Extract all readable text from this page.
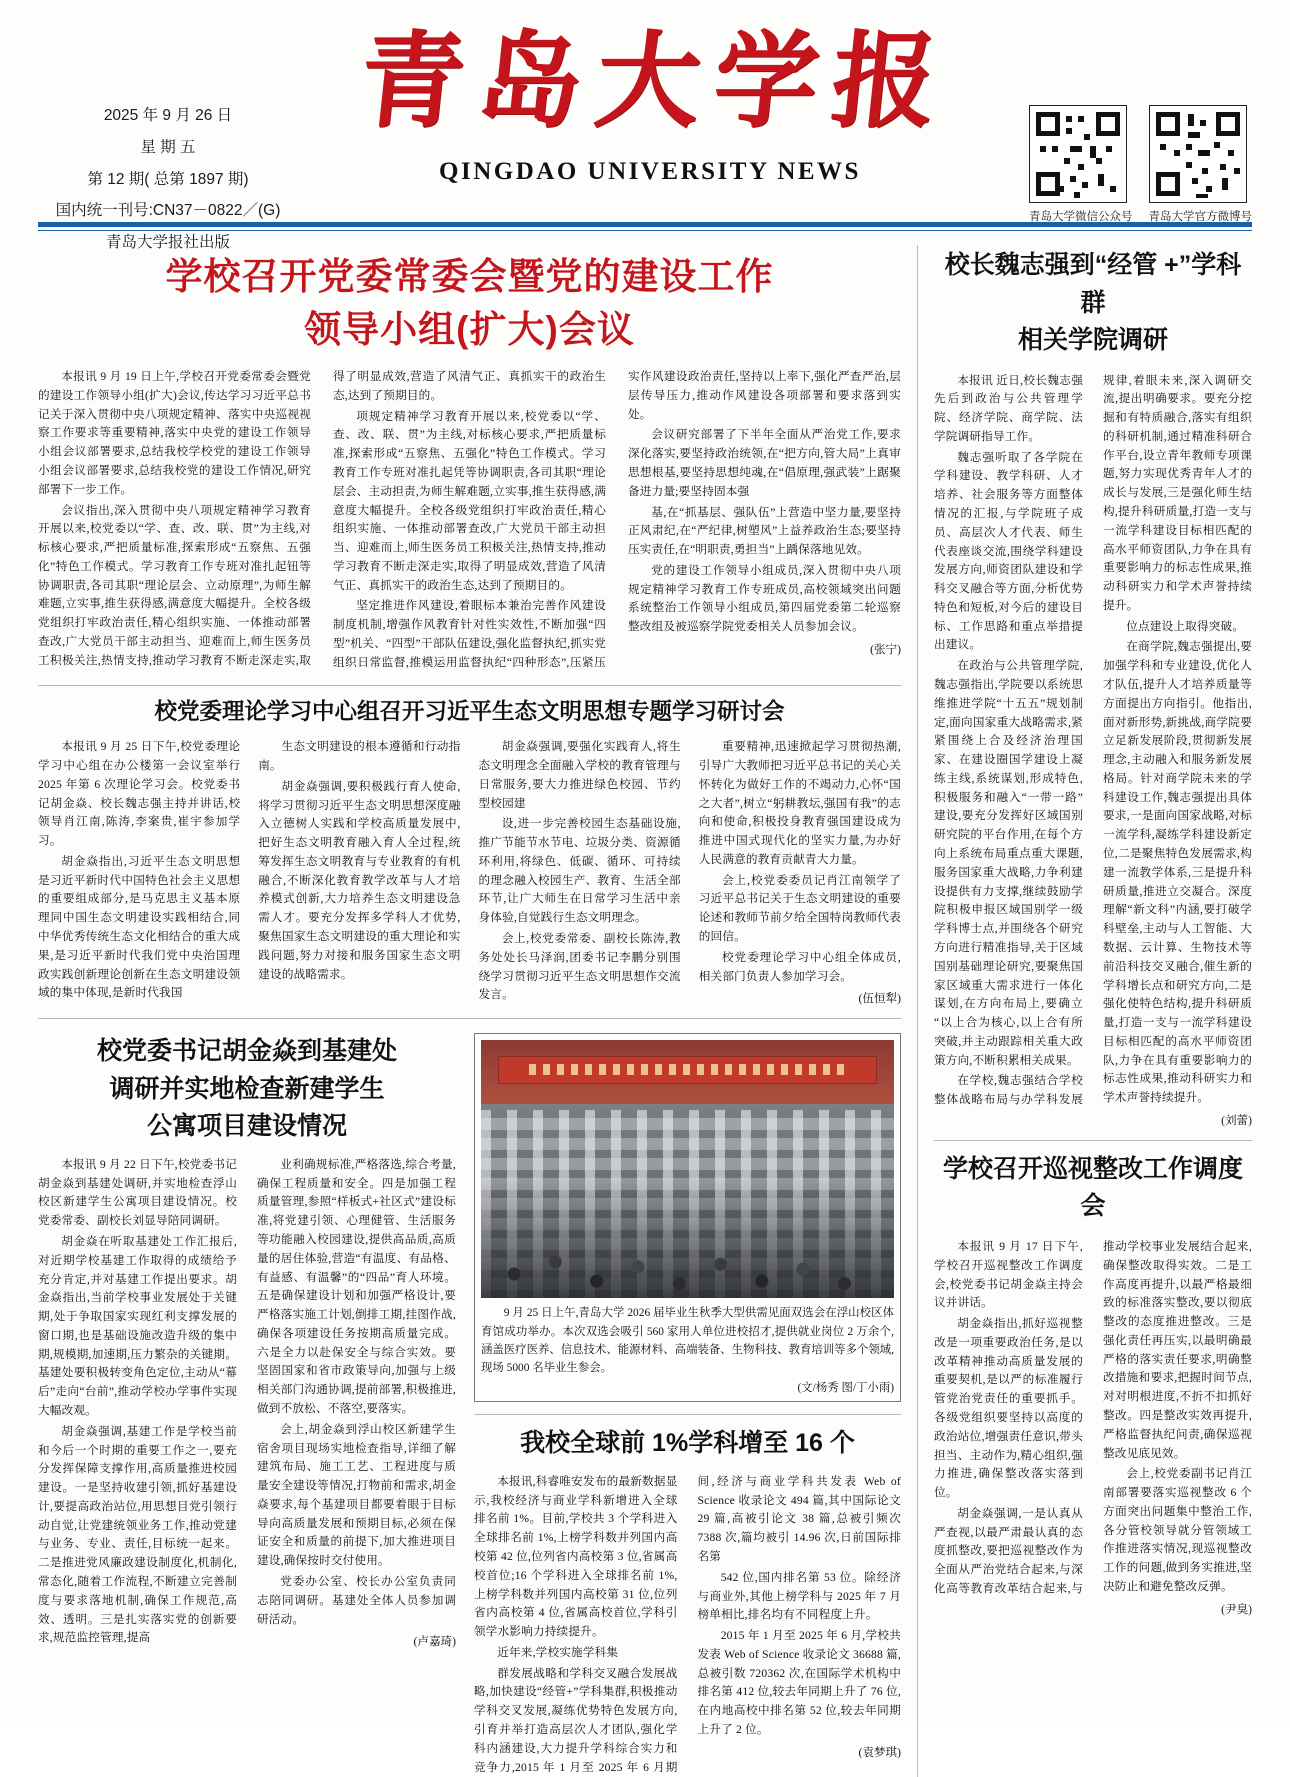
2025 年 9 月 26 日
星 期 五
第 12 期( 总第 1897 期)
国内统一刊号:CN37－0822／(G)
青岛大学报社出版
青岛大学报
QINGDAO UNIVERSITY NEWS
青岛大学微信公众号 青岛大学官方微博号
学校召开党委常委会暨党的建设工作
领导小组(扩大)会议

本报讯 9 月 19 日上午,学校召开党委常委会暨党的建设工作领导小组(扩大)会议,传达学习习近平总书记关于深入贯彻中央八项规定精神、落实中央巡视视察工作要求等重要精神,落实中央党的建设工作领导小组会议部署要求,总结我校学校党的建设工作领导小组会议部署要求,总结我校党的建设工作情况,研究部署下一步工作。

会议指出,深入贯彻中央八项规定精神学习教育开展以来,校党委以“学、查、改、联、贯”为主线,对标核心要求,严把质量标准,探索形成“五察焦、五强化”特色工作模式。学习教育工作专班对准扎起钮等协调职责,各司其职“理论层会、立动原理”,为师生解难题,立实事,推生获得感,满意度大幅提升。全校各级党组织打牢政治责任,精心组织实施、一体推动部署查改,广大党员干部主动担当、迎难而上,师生医务员工积极关注,热情支持,推动学习教育不断走深走实,取得了明显成效,营造了风清气正、真抓实干的政治生态,达到了预期目的。

项规定精神学习教育开展以来,校党委以“学、查、改、联、贯”为主线,对标核心要求,严把质量标准,探索形成“五察焦、五强化”特色工作模式。学习教育工作专班对准扎起凭等协调职责,各司其职“理论层会、主动担责,为师生解难题,立实事,推生获得感,满意度大幅提升。全校各级党组织打牢政治责任,精心组织实施、一体推动部署查改,广大党员干部主动担当、迎难而上,师生医务员工积极关注,热情支持,推动学习教育不断走深走实,取得了明显成效,营造了风清气正、真抓实干的政治生态,达到了预期目的。

坚定推进作风建设,着眼标本兼治完善作风建设制度机制,增强作风教育针对性实效性,不断加强“四型”机关、“四型”干部队伍建设,强化监督执纪,抓实党组织日常监督,推模运用监督执纪“四种形态”,压紧压实作风建设政治责任,坚持以上率下,强化严查严治,层层传导压力,推动作风建设各项部署和要求落到实处。

会议研究部署了下半年全面从严治党工作,要求深化落实,要坚持政治统领,在“把方向,管大局”上真审思想根基,要坚持思想纯魂,在“倡原理,强武装”上踞聚备进力量;要坚持固本强

基,在“抓基层、强队伍”上营造中坚力量,要坚持正风肃纪,在“严纪律,树塑风”上益养政治生态;要坚持压实责任,在“明职责,勇担当”上踽保落地见效。

党的建设工作领导小组成员,深入贯彻中央八项规定精神学习教育工作专班成员,高校领域突出问题系统整治工作领导小组成员,第四届党委第二轮巡察整改组及被巡察学院党委相关人员参加会议。

(张宁)

校党委理论学习中心组召开习近平生态文明思想专题学习研讨会

本报讯 9 月 25 日下午,校党委理论学习中心组在办公楼第一会议室举行 2025 年第 6 次理论学习会。校党委书记胡金焱、校长魏志强主持并讲话,校领导肖江南,陈涛,李案贵,崔宇参加学习。

胡金焱指出,习近平生态文明思想是习近平新时代中国特色社会主义思想的重要组成部分,是马克思主义基本原理同中国生态文明建设实践相结合,同中华优秀传统生态文化相结合的重大成果,是习近平新时代我们党中央治国理政实践创新理论创新在生态文明建设领域的集中体现,是新时代我国

生态文明建设的根本遵循和行动指南。

胡金焱强调,要积极践行育人使命,将学习贯彻习近平生态文明思想深度融入立德树人实践和学校高质量发展中,把好生态文明教育融入育人全过程,统筹发挥生态文明教育与专业教育的有机融合,不断深化教育教学改革与人才培养模式创新,大力培养生态文明建设急需人才。要充分发挥多学科人才优势,聚焦国家生态文明建设的重大理论和实践问题,努力对接和服务国家生态文明建设的战略需求。

胡金焱强调,要强化实践育人,将生态文明理念全面融入学校的教育管理与日常服务,要大力推进绿色校园、节约型校园建

设,进一步完善校园生态基础设施,推广节能节水节电、垃圾分类、资源循环利用,将绿色、低碳、循环、可持续的理念融入校园生产、教育、生活全部环节,让广大师生在日常学习生活中亲身体验,自觉践行生态文明理念。

会上,校党委常委、副校长陈涛,教务处处长马泽润,团委书记李鹏分别围绕学习贯彻习近平生态文明思想作交流发言。

重要精神,迅速掀起学习贯彻热潮,引导广大教师把习近平总书记的关心关怀转化为做好工作的不竭动力,心怀“国之大者”,树立“躬耕教坛,强国有我”的志向和使命,积极投身教育强国建设成为推进中国式现代化的坚实力量,为办好人民满意的教育贡献青大力量。

会上,校党委委员记肖江南领学了习近平总书记关于生态文明建设的重要论述和教师节前夕给全国特岗教师代表的回信。

校党委理论学习中心组全体成员,相关部门负责人参加学习会。

(伍恒犁)

校党委书记胡金焱到基建处
调研并实地检查新建学生
公寓项目建设情况

本报讯 9 月 22 日下午,校党委书记胡金焱到基建处调研,并实地检查浮山校区新建学生公寓项目建设情况。校党委常委、副校长刘显导陪同调研。

胡金焱在听取基建处工作汇报后,对近期学校基建工作取得的成绩给予充分肯定,并对基建工作提出要求。胡金焱指出,当前学校事业发展处于关键期,处于争取国家实现红利支撑发展的窗口期,也是基础设施改造升级的集中期,规模期,加速期,压力繁杂的关键期。基建处要积极转变角色定位,主动从“幕后”走向“台前”,推动学校办学事件实现大幅改观。

胡金焱强调,基建工作是学校当前和今后一个时期的重要工作之一,要充分发挥保障支撑作用,高质量推进校园建设。一是坚持收建引领,抓好基建设计,要提高政治站位,用思想目党引领行动自觉,让党建统领业务工作,推动党建与业务、专业、责任,目标统一起来。二是推进党风廉政建设制度化,机制化,常态化,随着工作流程,不断建立完善制度与要求落地机制,确保工作规范,高效、透明。三是扎实落实党的创新要求,规范监控管理,提高

业利确规标准,严格落选,综合考量,确保工程质量和安全。四是加强工程质量管理,参照“样板式+社区式”建设标准,将党建引领、心理健管、生活服务等功能融入校园建设,提供高品质,高质量的居住体验,营造“有温度、有品格、有益感、有温馨”的“四品”育人环境。五是确保建设计划和加强严格设计,要严格落实施工计划,倒排工期,挂图作战,确保各项建设任务按期高质量完成。六是全力以赴保安全与综合实效。要坚固国家和省市政策导向,加强与上级相关部门沟通协调,提前部署,积极推进,做到不放松、不落空,要落实。

会上,胡金焱到浮山校区新建学生宿舍项目现场实地检查指导,详细了解建筑布局、施工工艺、工程进度与质量安全建设等情况,打物前和需求,胡金焱要求,每个基建项目都要着眼于目标导向高质量发展和预期目标,必须在保证安全和质量的前提下,加大推进项目建设,确保按时交付使用。

党委办公室、校长办公室负责同志陪同调研。基建处全体人员参加调研活动。

(卢嘉琦)

9 月 25 日上午,青岛大学 2026 届毕业生秋季大型供需见面双选会在浮山校区体育馆成功举办。本次双选会吸引 560 家用人单位进校招才,提供就业岗位 2 万余个,涵盖医疗医养、信息技术、能源材料、高端装备、生物科技、教育培训等多个领域,现场 5000 名毕业生参会。
(文/杨秀 图/丁小雨)
我校全球前 1%学科增至 16 个

本报讯,科睿唯安发布的最新数据显示,我校经济与商业学科新增进入全球排名前 1%。目前,学校共 3 个学科进入全球排名前 1%,上榜学科数并列国内高校第 42 位,位列省内高校第 3 位,省属高校首位;16 个学科进入全球排名前 1%,上榜学科数并列国内高校第 31 位,位列省内高校第 4 位,省属高校首位,学科引领学水影响力持续提升。

近年来,学校实施学科集

群发展战略和学科交叉融合发展战略,加快建设“经管+”学科集群,积极推动学科交叉发展,凝练优势特色发展方向,引育并举打造高层次人才团队,强化学科内涵建设,大力提升学科综合实力和竞争力,2015 年 1 月至 2025 年 6 月期间,经济与商业学科共发表 Web of Science 收录论文 494 篇,其中国际论文 29 篇,高被引论文 38 篇,总被引频次 7388 次,篇均被引 14.96 次,日前国际排名第

542 位,国内排名第 53 位。除经济与商业外,其他上榜学科与 2025 年 7 月榜单相比,排名均有不同程度上升。

2015 年 1 月至 2025 年 6 月,学校共发表 Web of Science 收录论文 36688 篇,总被引数 720362 次,在国际学术机构中排名第 412 位,较去年同期上升了 76 位,在内地高校中排名第 52 位,较去年同期上升了 2 位。

(袁梦琪)

校长魏志强到“经管 +”学科群
相关学院调研

本报讯 近日,校长魏志强先后到政治与公共管理学院、经济学院、商学院、法学院调研指导工作。

魏志强听取了各学院在学科建设、教学科研、人才培养、社会服务等方面整体情况的汇报,与学院班子成员、高层次人才代表、师生代表座谈交流,围绕学科建设发展方向,师资团队建设和学科交叉融合等方面,分析优势特色和短板,对今后的建设目标、工作思路和重点举措提出建议。

在政治与公共管理学院,魏志强指出,学院要以系统思维推进学院“十五五”规划制定,面向国家重大战略需求,紧紧围绕上合及经济治理国家、在建设圈国学建设上凝练主线,系统谋划,形成特色,积极服务和融入“一带一路”建设,要充分发挥好区域国别研究院的平台作用,在每个方向上系统布局重点重大课题,服务国家重大战略,力争利建设提供有力支撑,继续鼓励学院积极申报区域国别学一级学科博士点,并围绕各个研究方向进行精准指导,关于区域国别基础理论研究,要聚焦国家区域重大需求进行一体化谋划,在方向布局上,要确立“以上合为核心,以上合有所突破,并主动跟踪相关重大政策方向,不断积累相关成果。

在学校,魏志强结合学校整体战略布局与办学科发展规律,着眼未来,深入调研交流,提出明确要求。要充分挖掘和有特质融合,落实有组织的科研机制,通过精准科研合作平台,设立青年教师专项课题,努力实现优秀青年人才的成长与发展,三是强化师生结构,提升科研质量,打造一支与一流学科建设目标相匹配的高水平师资团队,力争在具有重要影响力的标志性成果,推动科研实力和学术声誉持续提升。

位点建设上取得突破。

在商学院,魏志强提出,要加强学科和专业建设,优化人才队伍,提升人才培养质量等方面提出方向指引。他指出,面对新形势,新挑战,商学院要立足新发展阶段,贯彻新发展理念,主动融入和服务新发展格局。针对商学院未来的学科建设工作,魏志强提出具体要求,一是面向国家战略,对标一流学科,凝练学科建设新定位,二是聚焦特色发展需求,构建一流教学体系,三是提升科研质量,推进立交凝合。深度理解“新文科”内涵,要打破学科壁垒,主动与人工智能、大数据、云计算、生物技术等前沿科技交叉融合,催生新的学科增长点和研究方向,二是强化使特色结构,提升科研质量,打造一支与一流学科建设目标相匹配的高水平师资团队,力争在具有重要影响力的标志性成果,推动科研实力和学术声誉持续提升。

(刘蕾)

学校召开巡视整改工作调度会

本报讯 9 月 17 日下午,学校召开巡视整改工作调度会,校党委书记胡金焱主持会议并讲话。

胡金焱指出,抓好巡视整改是一项重要政治任务,是以改革精神推动高质量发展的重要契机,是以严的标准履行管党治党责任的重要抓手。各级党组织要坚持以高度的政治站位,增强责任意识,带头担当、主动作为,精心组织,强力推进,确保整改落实落到位。

胡金焱强调,一是认真从严查视,以最严肃最认真的态度抓整改,要把巡视整改作为全面从严治党结合起来,与深化高等教育改革结合起来,与推动学校事业发展结合起来,确保整改取得实效。二是工作高度再提升,以最严格最细致的标准落实整改,要以彻底整改的态度推进整改。三是强化责任再压实,以最明确最严格的落实责任要求,明确整改措施和要求,把握时间节点,对对明根进度,不折不扣抓好整改。四是整改实效再提升,严格监督执纪问责,确保巡视整改见底见效。

会上,校党委副书记肖江南部署要落实巡视整改 6 个方面突出问题集中整治工作,各分管校领导就分管领域工作推进落实情况,现巡视整改工作的问题,做到务实推进,坚决防止和避免整改反弹。

(尹臭)
